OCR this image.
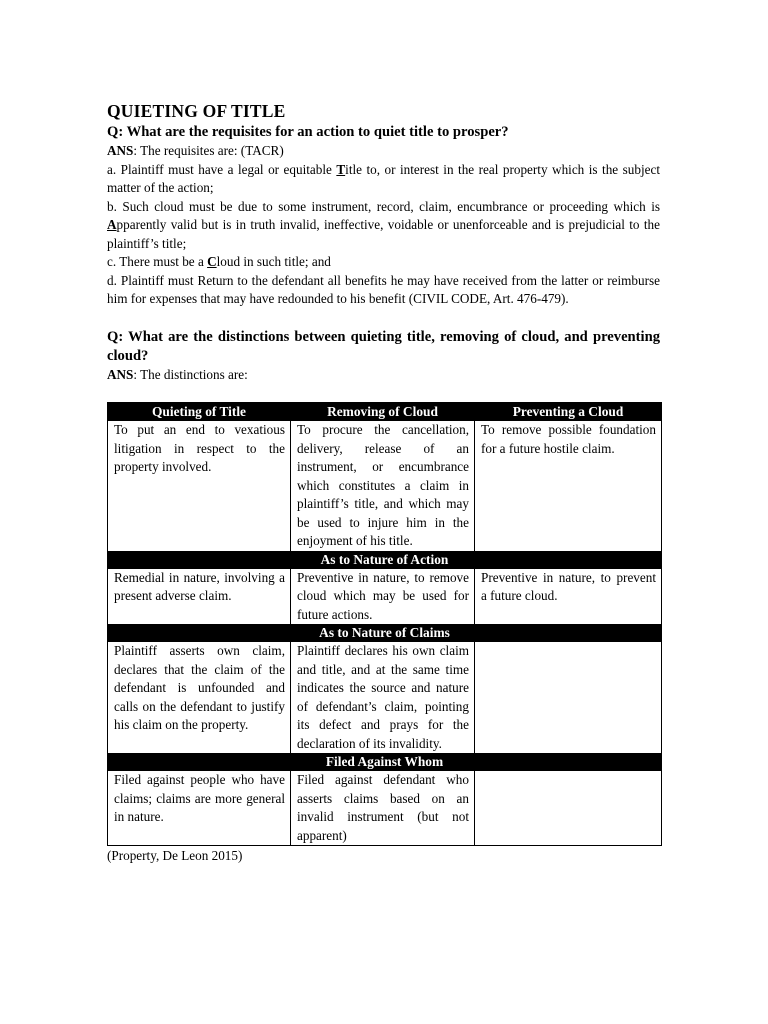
QUIETING OF TITLE

Q: What are the requisites for an action to quiet title to prosper?

ANS: The requisites are: (TACR)

a. Plaintiff must have a legal or equitable Title to, or interest in the real property which is the subject matter of the action;

b. Such cloud must be due to some instrument, record, claim, encumbrance or proceeding which is Apparently valid but is in truth invalid, ineffective, voidable or unenforceable and is prejudicial to the plaintiff’s title;

c. There must be a Cloud in such title; and

d. Plaintiff must Return to the defendant all benefits he may have received from the latter or reimburse him for expenses that may have redounded to his benefit (CIVIL CODE, Art. 476-479).

Q: What are the distinctions between quieting title, removing of cloud, and preventing cloud?

ANS: The distinctions are:

Quieting of Title	Removing of Cloud	Preventing a Cloud
To put an end to vexatious litigation in respect to the property involved.	To procure the cancellation, delivery, release of an instrument, or encumbrance which constitutes a claim in plaintiff’s title, and which may be used to injure him in the enjoyment of his title.	To remove possible foundation for a future hostile claim.
As to Nature of Action		
Remedial in nature, involving a present adverse claim.	Preventive in nature, to remove cloud which may be used for future actions.	Preventive in nature, to prevent a future cloud.
As to Nature of Claims		
Plaintiff asserts own claim, declares that the claim of the defendant is unfounded and calls on the defendant to justify his claim on the property.	Plaintiff declares his own claim and title, and at the same time indicates the source and nature of defendant’s claim, pointing its defect and prays for the declaration of its invalidity.	
Filed Against Whom		
Filed against people who have claims; claims are more general in nature.	Filed against defendant who asserts claims based on an invalid instrument (but not apparent)	

(Property, De Leon 2015)
